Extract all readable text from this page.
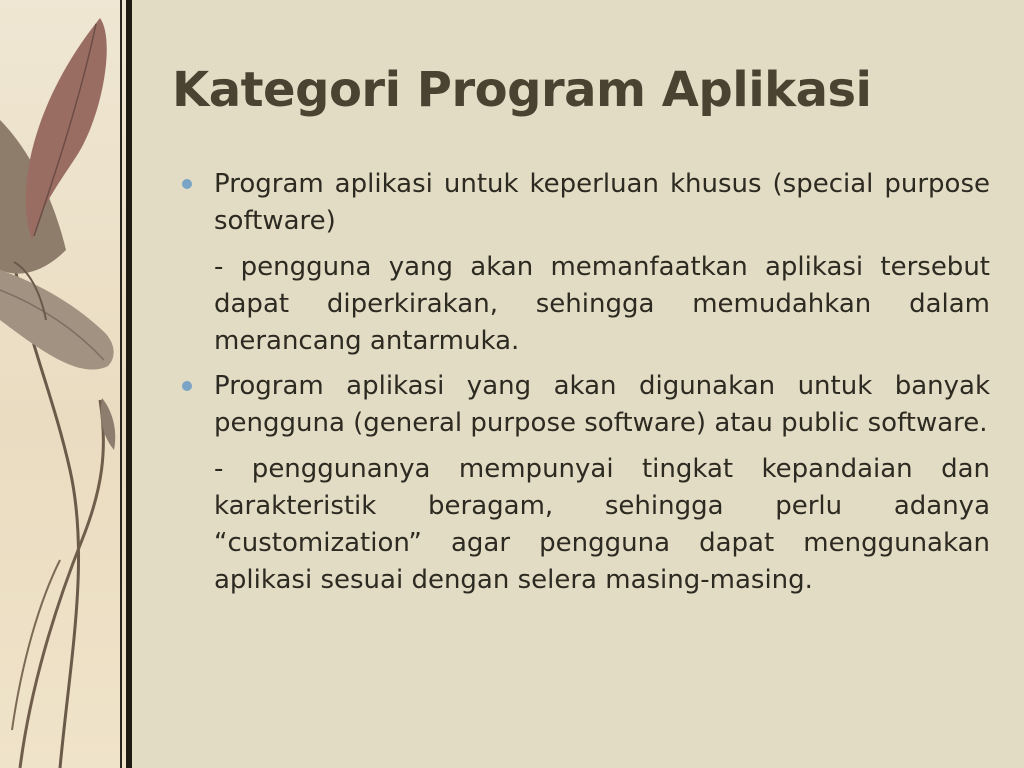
Kategori Program Aplikasi
Program aplikasi untuk keperluan khusus (special purpose software)
- pengguna yang akan memanfaatkan aplikasi tersebut dapat diperkirakan, sehingga memudahkan dalam merancang antarmuka.
Program aplikasi yang akan digunakan untuk banyak pengguna (general purpose software) atau public software.
- penggunanya mempunyai tingkat kepandaian dan karakteristik beragam, sehingga perlu adanya “customization” agar pengguna dapat menggunakan aplikasi sesuai dengan selera masing-masing.
